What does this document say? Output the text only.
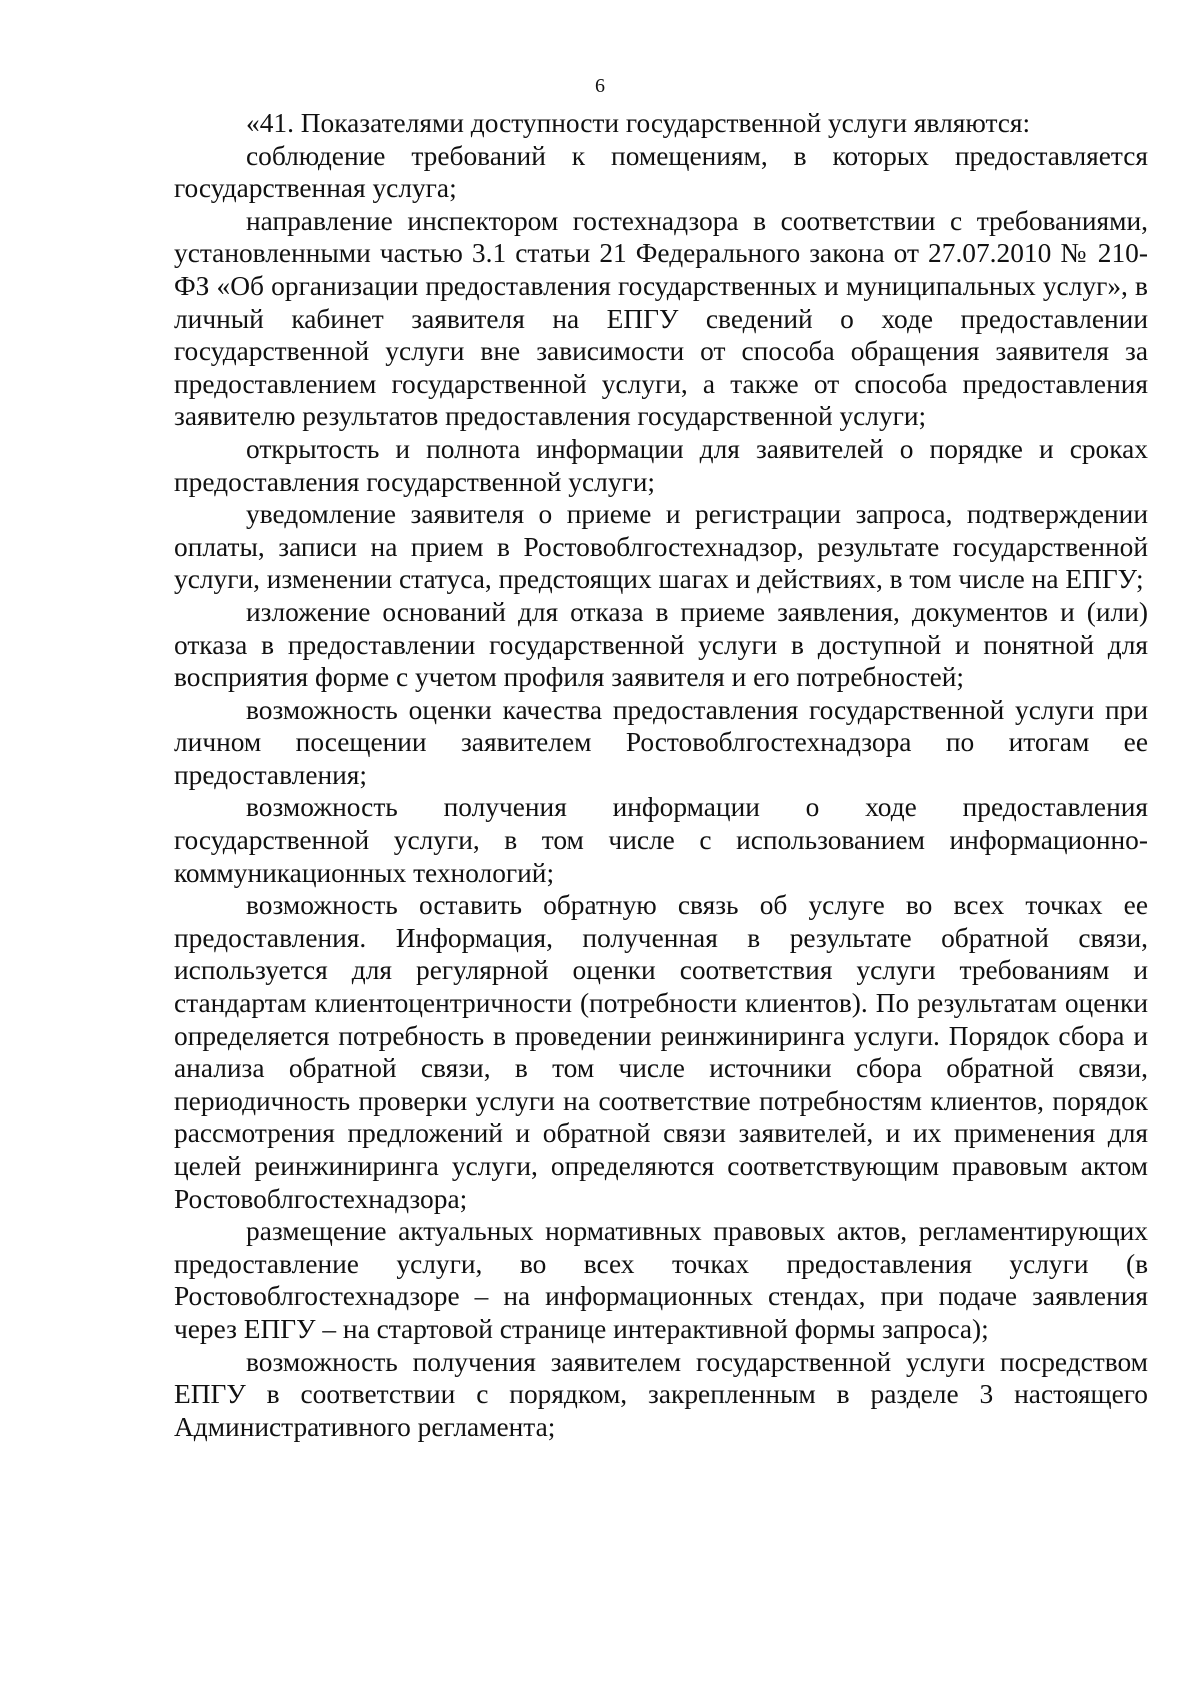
6

«41. Показателями доступности государственной услуги являются:

соблюдение требований к помещениям, в которых предоставляется государственная услуга;

направление инспектором гостехнадзора в соответствии с требованиями, установленными частью 3.1 статьи 21 Федерального закона от 27.07.2010 № 210-ФЗ «Об организации предоставления государственных и муниципальных услуг», в личный кабинет заявителя на ЕПГУ сведений о ходе предоставлении государственной услуги вне зависимости от способа обращения заявителя за предоставлением государственной услуги, а также от способа предоставления заявителю результатов предоставления государственной услуги;

открытость и полнота информации для заявителей о порядке и сроках предоставления государственной услуги;

уведомление заявителя о приеме и регистрации запроса, подтверждении оплаты, записи на прием в Ростовоблгостехнадзор, результате государственной услуги, изменении статуса, предстоящих шагах и действиях, в том числе на ЕПГУ;

изложение оснований для отказа в приеме заявления, документов и (или) отказа в предоставлении государственной услуги в доступной и понятной для восприятия форме с учетом профиля заявителя и его потребностей;

возможность оценки качества предоставления государственной услуги при личном посещении заявителем Ростовоблгостехнадзора по итогам ее предоставления;

возможность получения информации о ходе предоставления государственной услуги, в том числе с использованием информационно-коммуникационных технологий;

возможность оставить обратную связь об услуге во всех точках ее предоставления. Информация, полученная в результате обратной связи, используется для регулярной оценки соответствия услуги требованиям и стандартам клиентоцентричности (потребности клиентов). По результатам оценки определяется потребность в проведении реинжиниринга услуги. Порядок сбора и анализа обратной связи, в том числе источники сбора обратной связи, периодичность проверки услуги на соответствие потребностям клиентов, порядок рассмотрения предложений и обратной связи заявителей, и их применения для целей реинжиниринга услуги, определяются соответствующим правовым актом Ростовоблгостехнадзора;

размещение актуальных нормативных правовых актов, регламентирующих предоставление услуги, во всех точках предоставления услуги (в Ростовоблгостехнадзоре – на информационных стендах, при подаче заявления через ЕПГУ – на стартовой странице интерактивной формы запроса);

возможность получения заявителем государственной услуги посредством ЕПГУ в соответствии с порядком, закрепленным в разделе 3 настоящего Административного регламента;
